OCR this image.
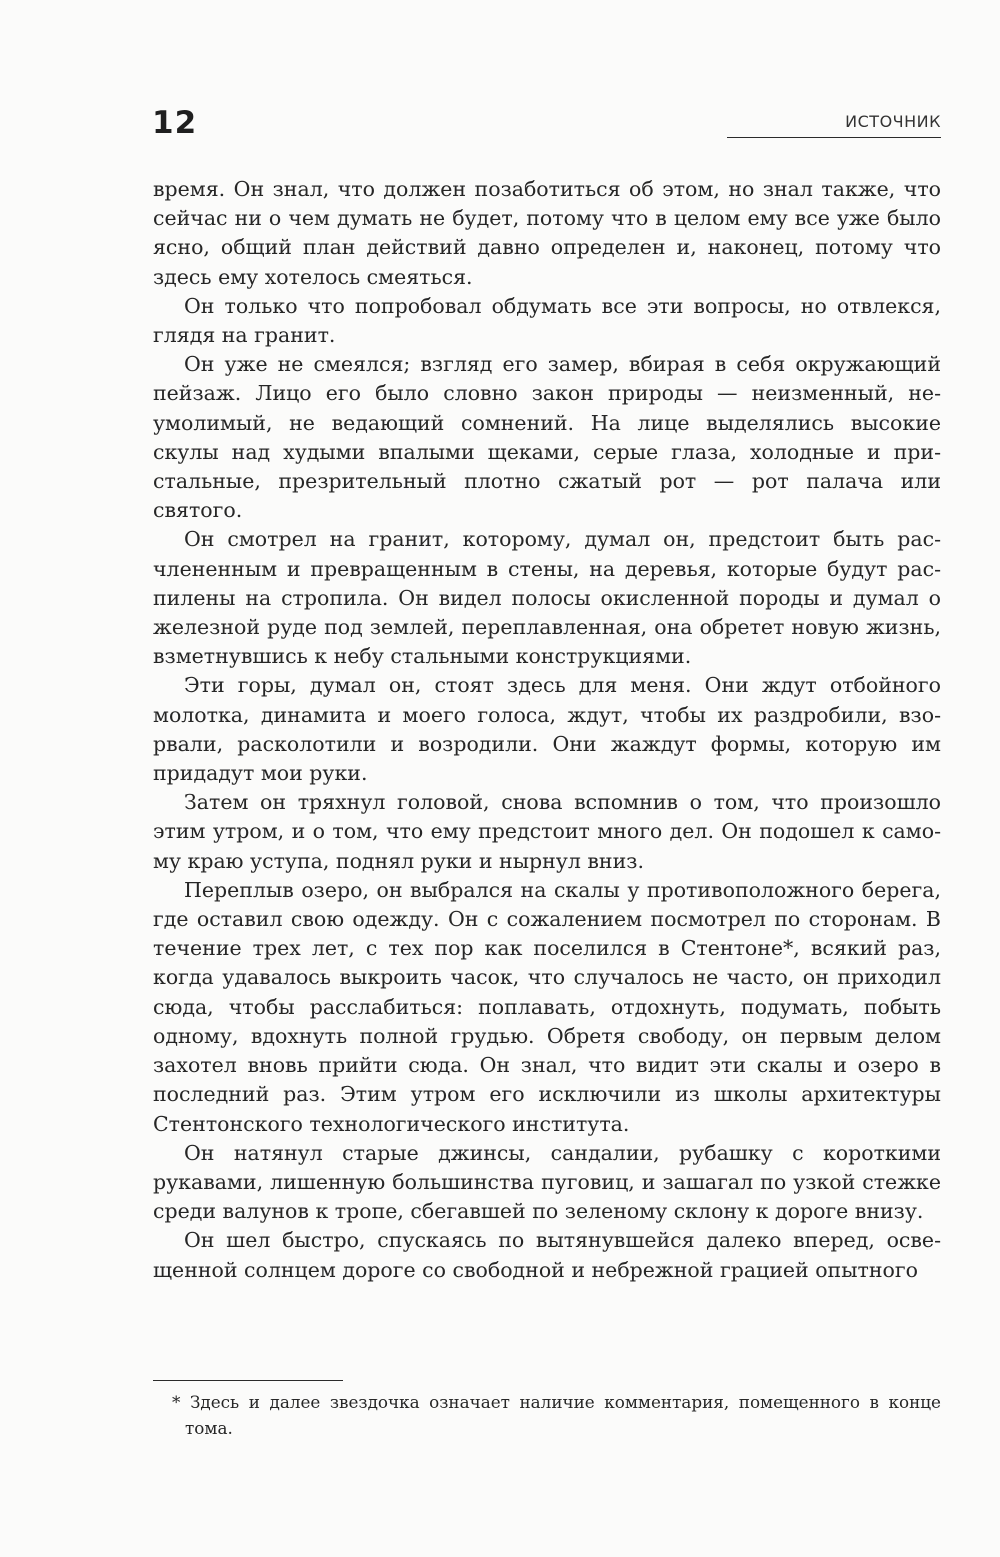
12	ИСТОЧНИК

время. Он знал, что должен позаботиться об этом, но знал также, что сейчас ни о чем думать не будет, потому что в целом ему все уже было ясно, общий план действий давно определен и, наконец, потому что здесь ему хотелось смеяться.

Он только что попробовал обдумать все эти вопросы, но отвлекся, глядя на гранит.

Он уже не смеялся; взгляд его замер, вбирая в себя окружающий пейзаж. Лицо его было словно закон природы — неизменный, неумолимый, не ведающий сомнений. На лице выделялись высокие скулы над худыми впалыми щеками, серые глаза, холодные и пристальные, презрительный плотно сжатый рот — рот палача или святого.

Он смотрел на гранит, которому, думал он, предстоит быть расчлененным и превращенным в стены, на деревья, которые будут распилены на стропила. Он видел полосы окисленной породы и думал о железной руде под землей, переплавленная, она обретет новую жизнь, взметнувшись к небу стальными конструкциями.

Эти горы, думал он, стоят здесь для меня. Они ждут отбойного молотка, динамита и моего голоса, ждут, чтобы их раздробили, взорвали, расколотили и возродили. Они жаждут формы, которую им придадут мои руки.

Затем он тряхнул головой, снова вспомнив о том, что произошло этим утром, и о том, что ему предстоит много дел. Он подошел к самому краю уступа, поднял руки и нырнул вниз.

Переплыв озеро, он выбрался на скалы у противоположного берега, где оставил свою одежду. Он с сожалением посмотрел по сторонам. В течение трех лет, с тех пор как поселился в Стентоне*, всякий раз, когда удавалось выкроить часок, что случалось не часто, он приходил сюда, чтобы расслабиться: поплавать, отдохнуть, подумать, побыть одному, вдохнуть полной грудью. Обретя свободу, он первым делом захотел вновь прийти сюда. Он знал, что видит эти скалы и озеро в последний раз. Этим утром его исключили из школы архитектуры Стентонского технологического института.

Он натянул старые джинсы, сандалии, рубашку с короткими рукавами, лишенную большинства пуговиц, и зашагал по узкой стежке среди валунов к тропе, сбегавшей по зеленому склону к дороге внизу.

Он шел быстро, спускаясь по вытянувшейся далеко вперед, освещенной солнцем дороге со свободной и небрежной грацией опытного

* Здесь и далее звездочка означает наличие комментария, помещенного в конце тома.
